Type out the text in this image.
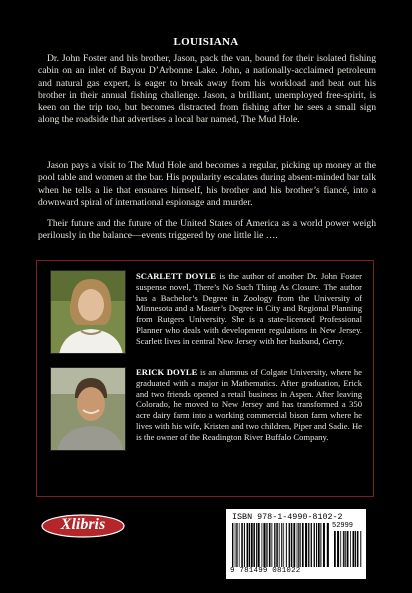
LOUISIANA

Dr. John Foster and his brother, Jason, pack the van, bound for their isolated fishing cabin on an inlet of Bayou D’Arbonne Lake. John, a nationally-acclaimed petroleum and natural gas expert, is eager to break away from his workload and beat out his brother in their annual fishing challenge. Jason, a brilliant, unemployed free-spirit, is keen on the trip too, but becomes distracted from fishing after he sees a small sign along the roadside that advertises a local bar named, The Mud Hole.

Jason pays a visit to The Mud Hole and becomes a regular, picking up money at the pool table and women at the bar. His popularity escalates during absent-minded bar talk when he tells a lie that ensnares himself, his brother and his brother’s fiancé, into a downward spiral of international espionage and murder.

Their future and the future of the United States of America as a world power weigh perilously in the balance—events triggered by one little lie ….

SCARLETT DOYLE is the author of another Dr. John Foster suspense novel, There’s No Such Thing As Closure. The author has a Bachelor’s Degree in Zoology from the University of Minnesota and a Master’s Degree in City and Regional Planning from Rutgers University. She is a state-licensed Professional Planner who deals with development regulations in New Jersey. Scarlett lives in central New Jersey with her husband, Gerry.

ERICK DOYLE is an alumnus of Colgate University, where he graduated with a major in Mathematics. After graduation, Erick and two friends opened a retail business in Aspen. After leaving Colorado, he moved to New Jersey and has transformed a 350 acre dairy farm into a working commercial bison farm where he lives with his wife, Kristen and two children, Piper and Sadie. He is the owner of the Readington River Buffalo Company.

Xlibris	ISBN 978-1-4990-8102-2
52999
9 781499 081022
